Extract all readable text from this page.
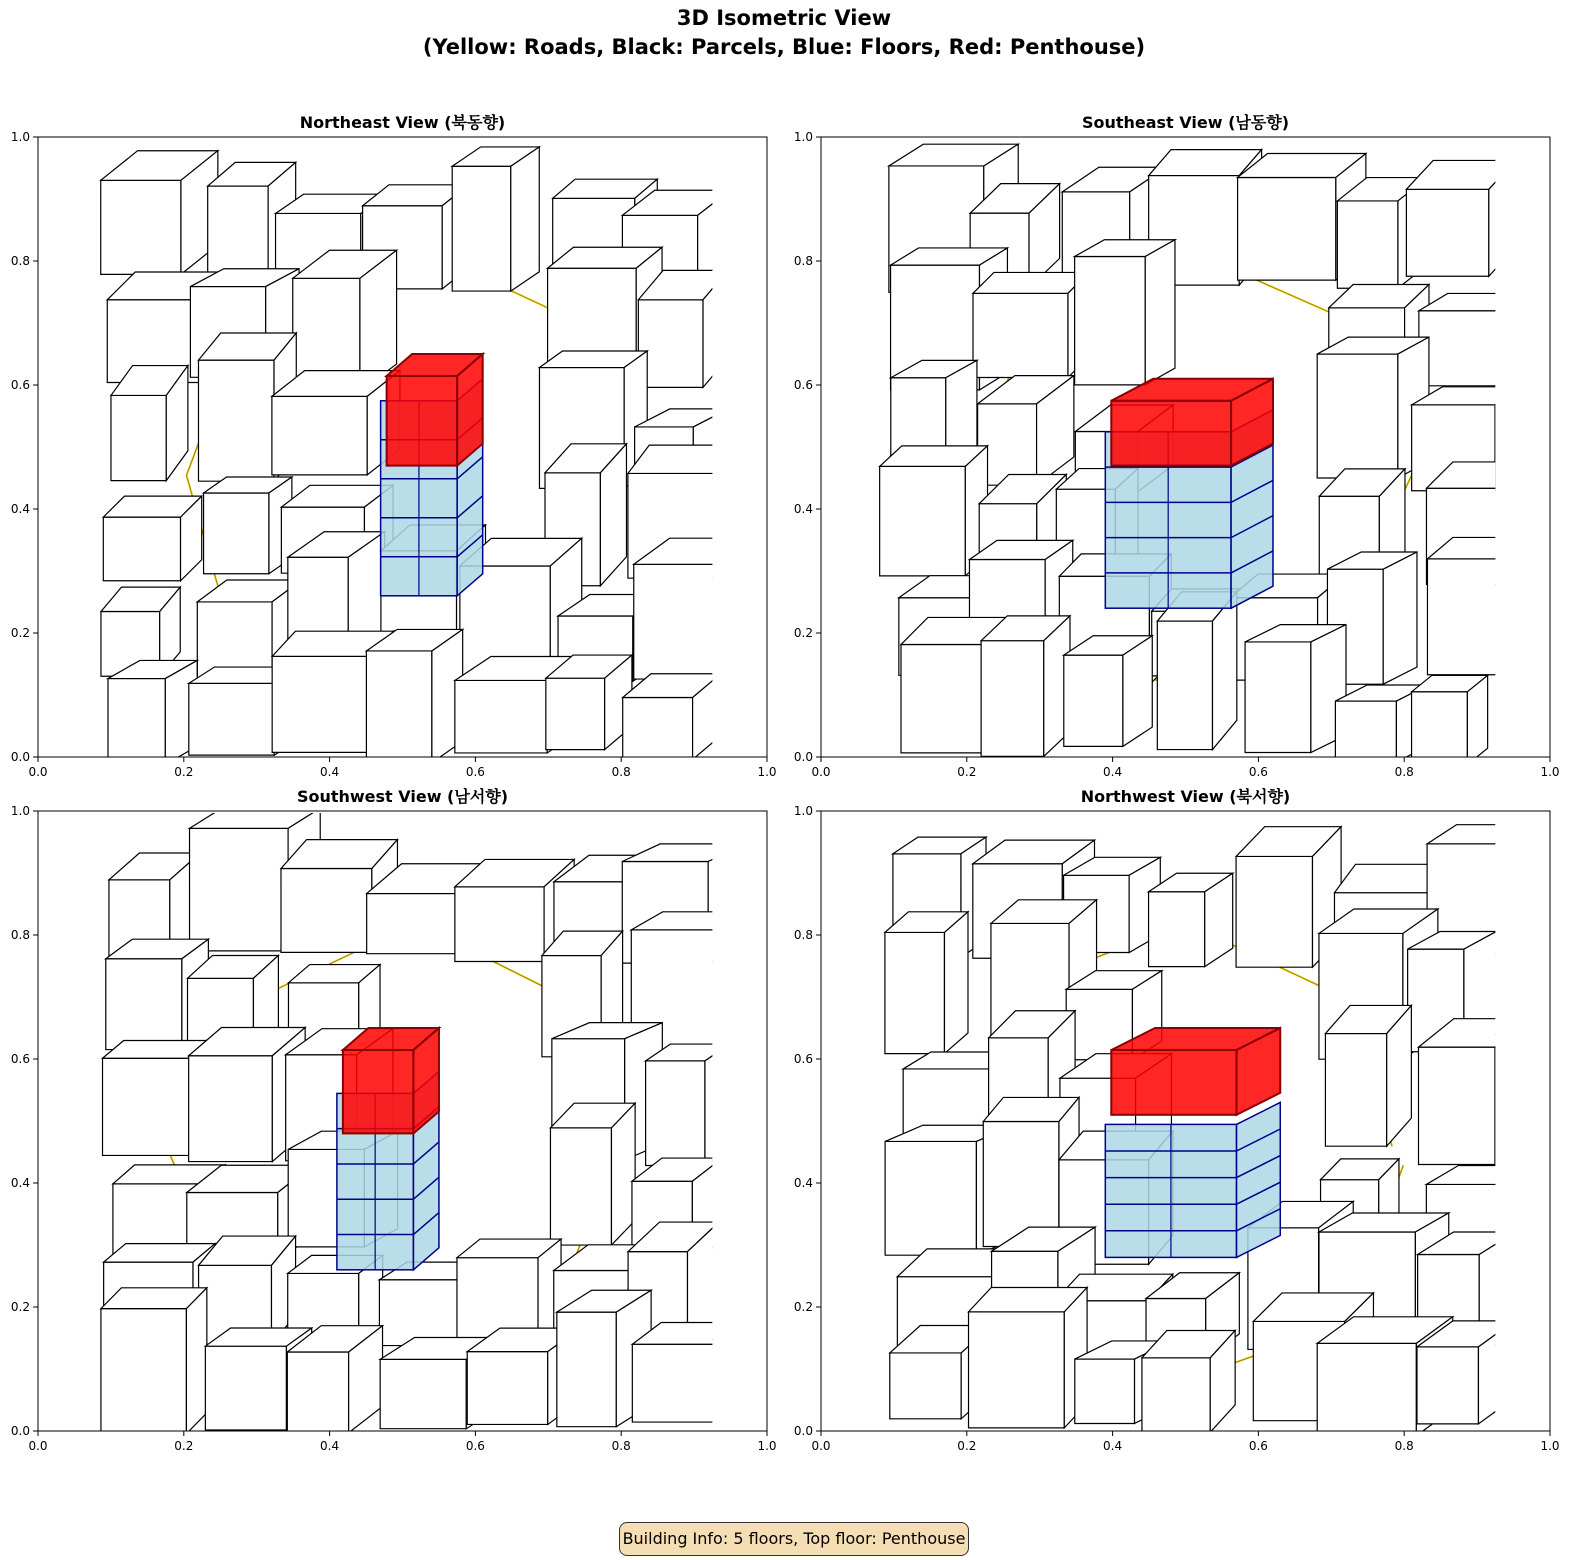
Northeast View (북동향)
0.0	0.2	0.4	0.6	0.8	1.0
0.0
0.2
0.4
0.6
0.8
1.0
Southeast View (남동향)
0.0	0.2	0.4	0.6	0.8	1.0
0.0
0.2
0.4
0.6
0.8
1.0
Southwest View (남서향)
0.0	0.2	0.4	0.6	0.8	1.0
0.0
0.2
0.4
0.6
0.8
1.0
Northwest View (북서향)
0.0	0.2	0.4	0.6	0.8	1.0
0.0
0.2
0.4
0.6
0.8
1.0
3D Isometric View
(Yellow: Roads, Black: Parcels, Blue: Floors, Red: Penthouse)
Building Info: 5 floors, Top floor: Penthouse
